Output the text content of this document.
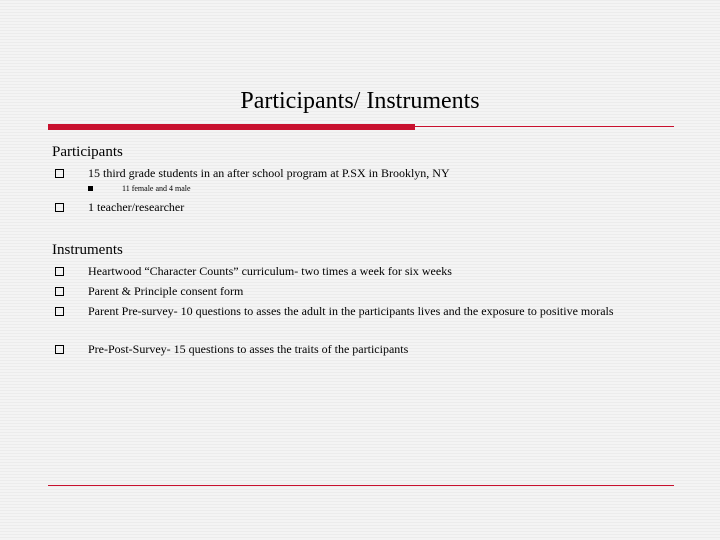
Participants/ Instruments
Participants
15 third grade students in an after school program at P.SX in Brooklyn, NY
11 female and 4 male
1 teacher/researcher
Instruments
Heartwood “Character Counts” curriculum- two times a week for six weeks
Parent & Principle consent form
Parent Pre-survey- 10 questions to asses the adult in the participants lives and the exposure to positive morals
Pre-Post-Survey- 15 questions to asses the traits of the participants
